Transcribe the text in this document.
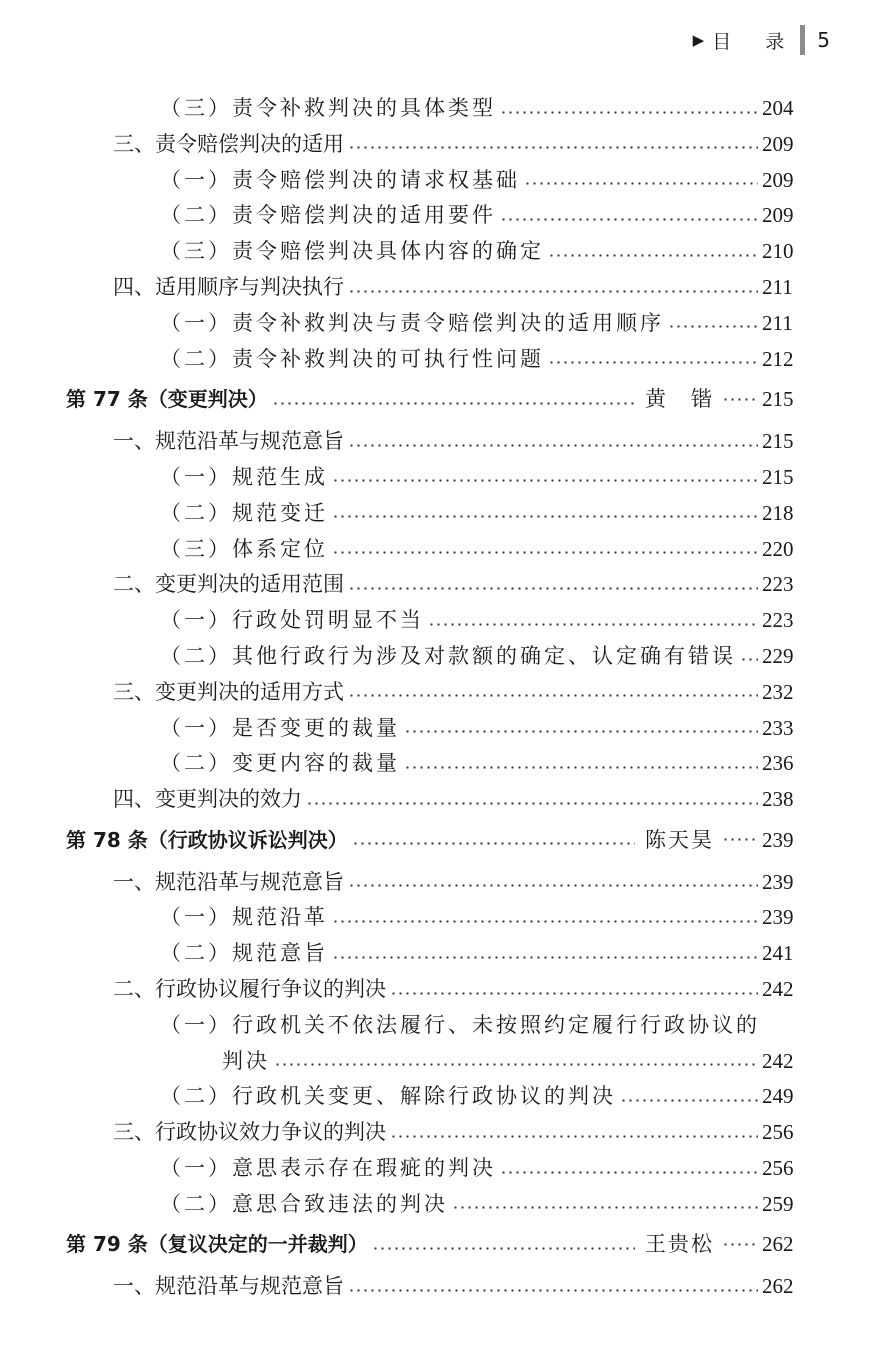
▶ 目 录 5
（三）责令补救判决的具体类型	204
三、责令赔偿判决的适用	209
（一）责令赔偿判决的请求权基础	209
（二）责令赔偿判决的适用要件	209
（三）责令赔偿判决具体内容的确定	210
四、适用顺序与判决执行	211
（一）责令补救判决与责令赔偿判决的适用顺序	211
（二）责令补救判决的可执行性问题	212
第 77 条（变更判决）	黄　锴 215
一、规范沿革与规范意旨	215
（一）规范生成	215
（二）规范变迁	218
（三）体系定位	220
二、变更判决的适用范围	223
（一）行政处罚明显不当	223
（二）其他行政行为涉及对款额的确定、认定确有错误 229
三、变更判决的适用方式	232
（一）是否变更的裁量	233
（二）变更内容的裁量	236
四、变更判决的效力	238
第 78 条（行政协议诉讼判决）	陈天昊 239
一、规范沿革与规范意旨	239
（一）规范沿革	239
（二）规范意旨	241
二、行政协议履行争议的判决	242
（一）行政机关不依法履行、未按照约定履行行政协议的
判决	242
（二）行政机关变更、解除行政协议的判决	249
三、行政协议效力争议的判决	256
（一）意思表示存在瑕疵的判决	256
（二）意思合致违法的判决	259
第 79 条（复议决定的一并裁判）	王贵松 262
一、规范沿革与规范意旨	262
